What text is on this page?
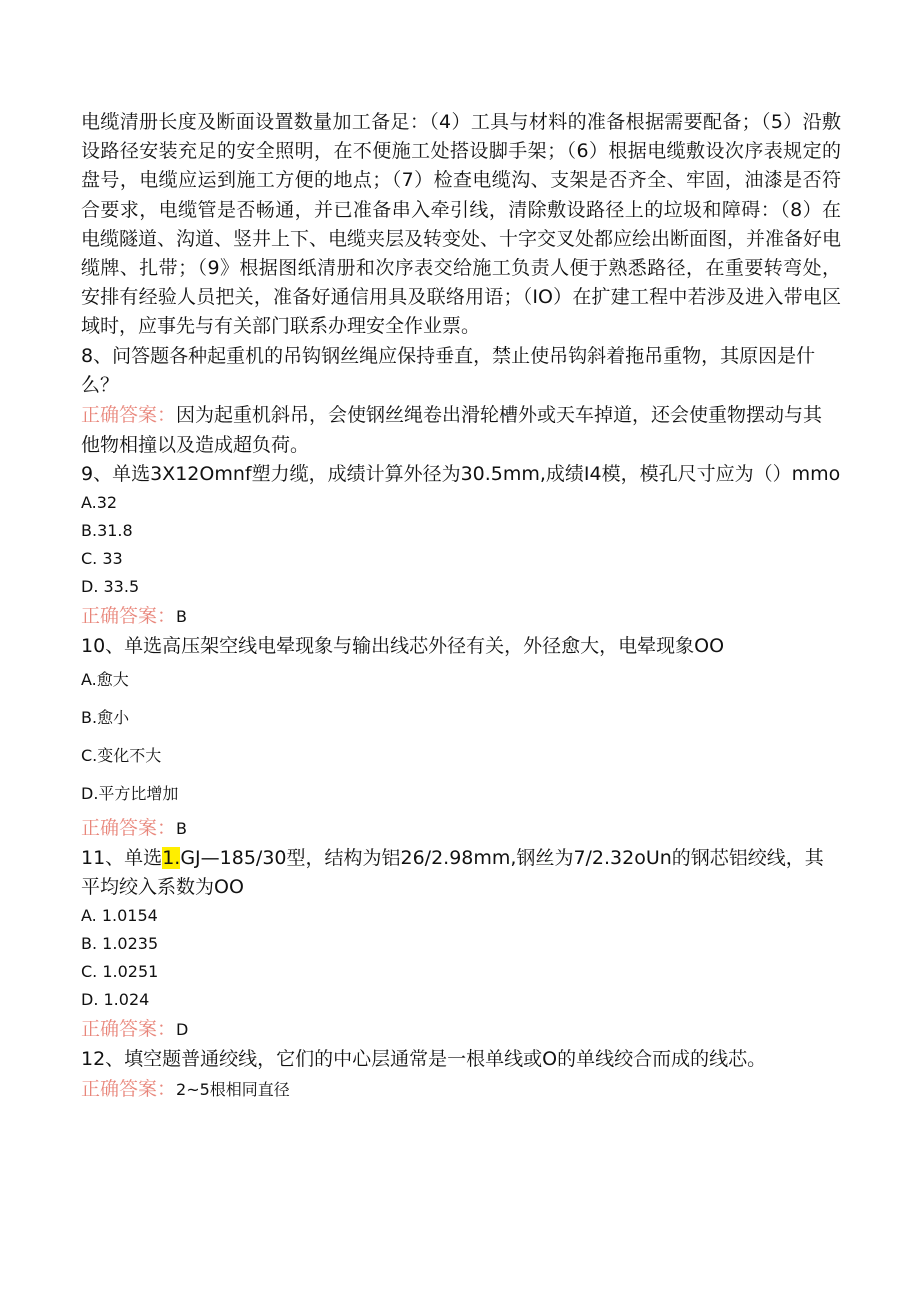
电缆清册长度及断面设置数量加工备足：（4）工具与材料的准备根据需要配备；（5）沿敷设路径安装充足的安全照明，在不便施工处搭设脚手架；（6）根据电缆敷设次序表规定的盘号，电缆应运到施工方便的地点；（7）检查电缆沟、支架是否齐全、牢固，油漆是否符合要求，电缆管是否畅通，并已准备串入牵引线，清除敷设路径上的垃圾和障碍：（8）在电缆隧道、沟道、竖井上下、电缆夹层及转变处、十字交叉处都应绘出断面图，并准备好电缆牌、扎带；（9》根据图纸清册和次序表交给施工负责人便于熟悉路径，在重要转弯处，安排有经验人员把关，准备好通信用具及联络用语；（IO）在扩建工程中若涉及进入带电区域时，应事先与有关部门联系办理安全作业票。

8、问答题各种起重机的吊钩钢丝绳应保持垂直，禁止使吊钩斜着拖吊重物，其原因是什么？

正确答案：因为起重机斜吊，会使钢丝绳卷出滑轮槽外或天车掉道，还会使重物摆动与其他物相撞以及造成超负荷。

9、单选3X12Omnf塑力缆，成绩计算外径为30.5mm,成绩I4模，模孔尺寸应为（）mmo

A.32

B.31.8

C. 33

D. 33.5

正确答案：B

10、单选高压架空线电晕现象与输出线芯外径有关，外径愈大，电晕现象OO

A.愈大

B.愈小

C.变化不大

D.平方比增加

正确答案：B

11、单选1.GJ—185/30型，结构为铝26/2.98mm,钢丝为7/2.32oUn的钢芯铝绞线，其平均绞入系数为OO

A. 1.0154

B. 1.0235

C. 1.0251

D. 1.024

正确答案：D

12、填空题普通绞线，它们的中心层通常是一根单线或O的单线绞合而成的线芯。

正确答案：2~5根相同直径
